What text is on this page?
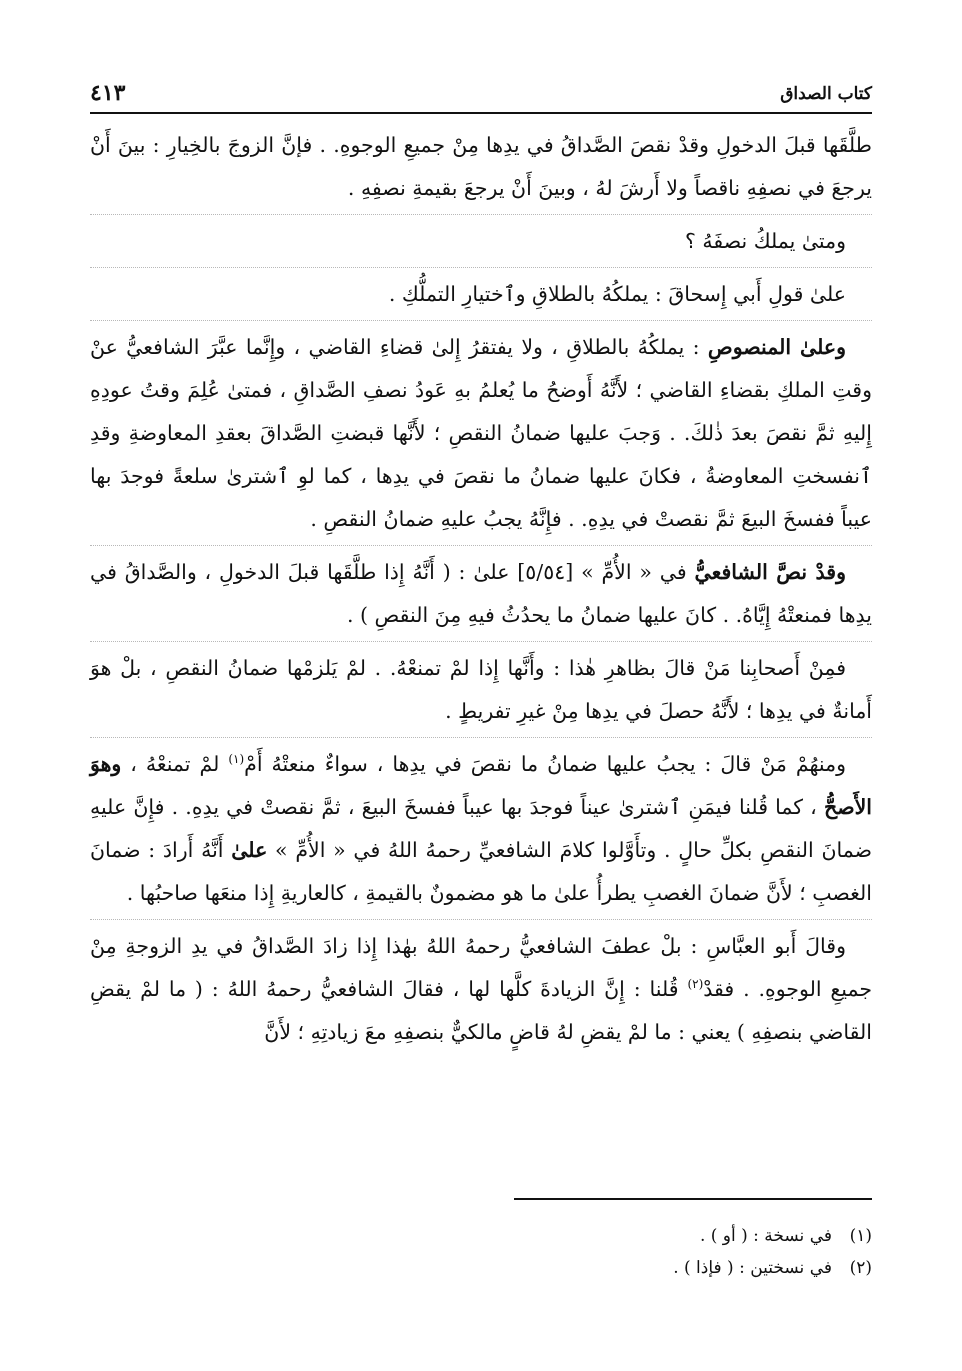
كتاب الصداق
٤١٣

طلَّقَها قبلَ الدخولِ وقدْ نقصَ الصَّداقُ في يدِها مِنْ جميعِ الوجوهِ. . فإنَّ الزوجَ بالخِيارِ : بينَ أَنْ يرجعَ في نصفِهِ ناقصاً ولا أَرشَ لهُ ، وبينَ أَنْ يرجعَ بقيمةِ نصفِهِ .

ومتىٰ يملكُ نصفَهُ ؟

علىٰ قولِ أَبي إِسحاقَ : يملكُهُ بالطلاقِ وٱختيارِ التملُّكِ .

وعلىٰ المنصوصِ : يملكُهُ بالطلاقِ ، ولا يفتقرُ إِلىٰ قضاءِ القاضي ، وإِنَّما عبَّرَ الشافعيُّ عنْ وقتِ الملكِ بقضاءِ القاضي ؛ لأَنَّهُ أَوضحُ ما يُعلمُ بهِ عَودُ نصفِ الصَّداقِ ، فمتىٰ عُلِمَ وقتُ عودِهِ إِليهِ ثمَّ نقصَ بعدَ ذٰلكَ. . وَجبَ عليها ضمانُ النقصِ ؛ لأَنَّها قبضتِ الصَّداقَ بعقدِ المعاوضةِ وقدِ ٱنفسختِ المعاوضةُ ، فكانَ عليها ضمانُ ما نقصَ في يدِها ، كما لوِ ٱشترىٰ سلعةً فوجدَ بها عيباً ففسخَ البيعَ ثمَّ نقصتْ في يدِهِ. . فإِنَّهُ يجبُ عليهِ ضمانُ النقصِ .

وقدْ نصَّ الشافعيُّ في « الأُمِّ » [٥/٥٤] علىٰ : ( أَنَّهُ إِذا طلَّقَها قبلَ الدخولِ ، والصَّداقُ في يدِها فمنعتْهُ إِيَّاهُ. . كانَ عليها ضمانُ ما يحدُثُ فيهِ مِنَ النقصِ ) .

فمِنْ أَصحابِنا مَنْ قالَ بظاهرِ هٰذا : وأَنَّها إِذا لمْ تمنعْهُ. . لمْ يَلزمْها ضمانُ النقصِ ، بلْ هوَ أَمانةٌ في يدِها ؛ لأَنَّهُ حصلَ في يدِها مِنْ غيرِ تفريطٍ .

ومنهُمْ مَنْ قالَ : يجبُ عليها ضمانُ ما نقصَ في يدِها ، سواءٌ منعتْهُ أَمْ$^{(١)}$ لمْ تمنعْهُ ، وهوَ الأَصحُّ ، كما قُلنا فيمَنِ ٱشترىٰ عيناً فوجدَ بها عيباً ففسخَ البيعَ ، ثمَّ نقصتْ في يدِهِ. . فإِنَّ عليهِ ضمانَ النقصِ بكلِّ حالٍ . وتأَوَّلوا كلامَ الشافعيِّ رحمهُ اللهُ في « الأُمِّ » علىٰ أَنَّهُ أَرادَ : ضمانَ الغصبِ ؛ لأَنَّ ضمانَ الغصبِ يطرأُ علىٰ ما هو مضمونٌ بالقيمةِ ، كالعاريةِ إِذا منعَها صاحبُها .

وقالَ أَبو العبَّاسِ : بلْ عطفَ الشافعيُّ رحمهُ اللهُ بهٰذا إِذا زادَ الصَّداقُ في يدِ الزوجةِ مِنْ جميعِ الوجوهِ. . فقدْ$^{(٢)}$ قُلنا : إِنَّ الزيادةَ كلَّها لها ، فقالَ الشافعيُّ رحمهُ اللهُ : ( ما لمْ يقضِ القاضي بنصفِهِ ) يعني : ما لمْ يقضِ لهُ قاضٍ مالكيٌّ بنصفِهِ معَ زيادتِهِ ؛ لأَنَّ

(١)في نسخة : ( أو ) .
(٢)في نسختين : ( فإذا ) .
